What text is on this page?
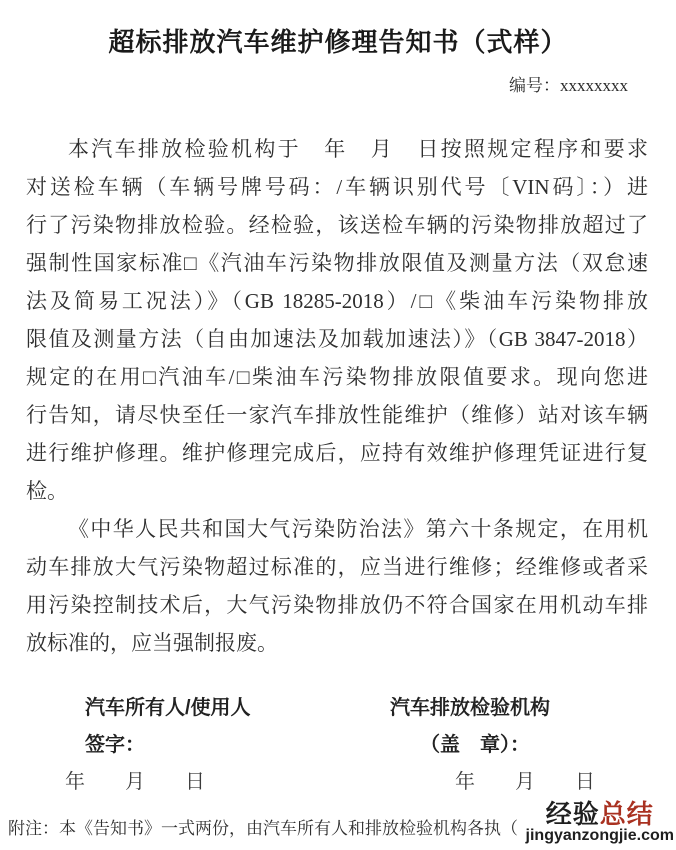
超标排放汽车维护修理告知书（式样）
编号：xxxxxxxx
本汽车排放检验机构于　年　月　日按照规定程序和要求
对送检车辆（车辆号牌号码：/车辆识别代号〔VIN码〕：）进
行了污染物排放检验。经检验，该送检车辆的污染物排放超过了
强制性国家标准□《汽油车污染物排放限值及测量方法（双怠速
法及简易工况法）》（GB 18285-2018）/□《柴油车污染物排放
限值及测量方法（自由加速法及加载加速法）》（GB 3847-2018）
规定的在用□汽油车/□柴油车污染物排放限值要求。现向您进
行告知，请尽快至任一家汽车排放性能维护（维修）站对该车辆
进行维护修理。维护修理完成后，应持有效维护修理凭证进行复
检。
《中华人民共和国大气污染防治法》第六十条规定，在用机
动车排放大气污染物超过标准的，应当进行维修；经维修或者采
用污染控制技术后，大气污染物排放仍不符合国家在用机动车排
放标准的，应当强制报废。
汽车所有人/使用人
签字：
年　　月　　日
汽车排放检验机构
（盖　章）：
年　　月　　日
附注：本《告知书》一式两份，由汽车所有人和排放检验机构各执（	经验总结
jingyanzongjie.com
